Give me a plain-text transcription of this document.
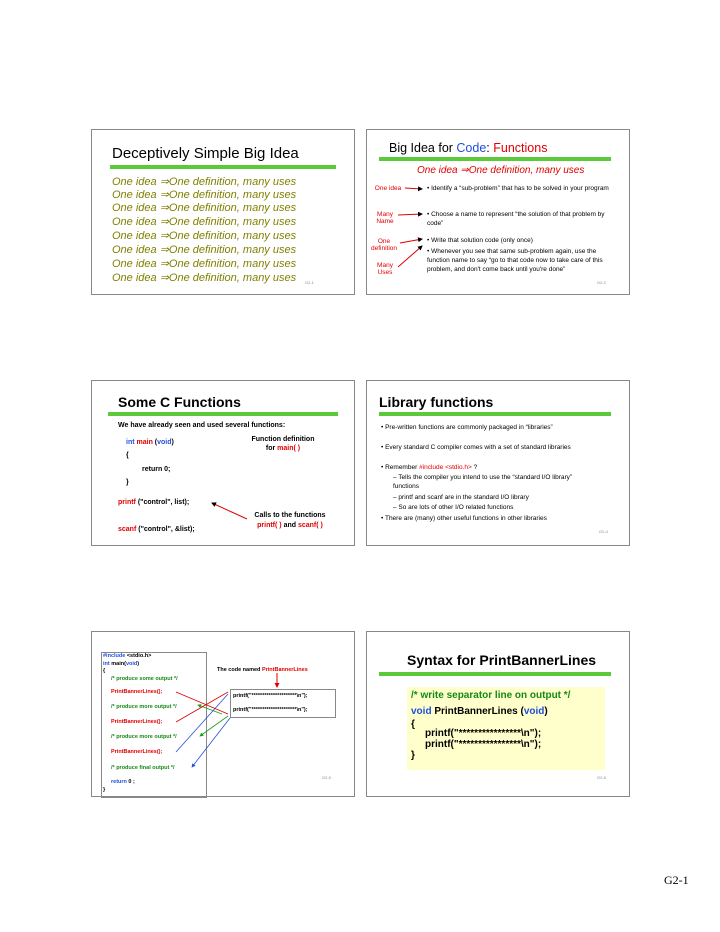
Deceptively Simple Big Idea
One idea ⇒One definition, many uses
One idea ⇒One definition, many uses
One idea ⇒One definition, many uses
One idea ⇒One definition, many uses
One idea ⇒One definition, many uses
One idea ⇒One definition, many uses
One idea ⇒One definition, many uses
One idea ⇒One definition, many uses G2-1
Big Idea for Code: Functions
One idea ⇒One definition, many uses
One idea
Many Name
One definition
Many Uses
• Identify a “sub-problem” that has to be solved in your program
• Choose a name to represent “the solution of that problem by code”
• Write that solution code (only once)
• Whenever you see that same sub-problem again, use the function name to say “go to that code now to take care of this problem, and don't come back until you're done”
G2-2
Some C Functions
We have already seen and used several functions:
int main (void)
{
return 0;
}
Function definition for main( )
printf ("control", list);
scanf ("control", &list);
Calls to the functions
printf( ) and scanf( )
Library functions
• Pre-written functions are commonly packaged in “libraries”
• Every standard C compiler comes with a set of standard libraries
• Remember #include <stdio.h> ?
– Tells the compiler you intend to use the “standard I/O library” functions
– printf and scanf are in the standard I/O library
– So are lots of other I/O related functions
• There are (many) other useful functions in other libraries
G2-4
#include <stdio.h>
int main(void)
{
/* produce some output */
PrintBannerLines();
/* produce more output */
PrintBannerLines();
/* produce more output */
PrintBannerLines();
/* produce final output */
return 0 ;
}
The code named PrintBannerLines
printf("*********************\n");
printf("*********************\n");
G2-5
Syntax for PrintBannerLines
/* write separator line on output */
void PrintBannerLines (void)
{
printf("****************\n");
printf("****************\n");
}
G2-6
G2-1
